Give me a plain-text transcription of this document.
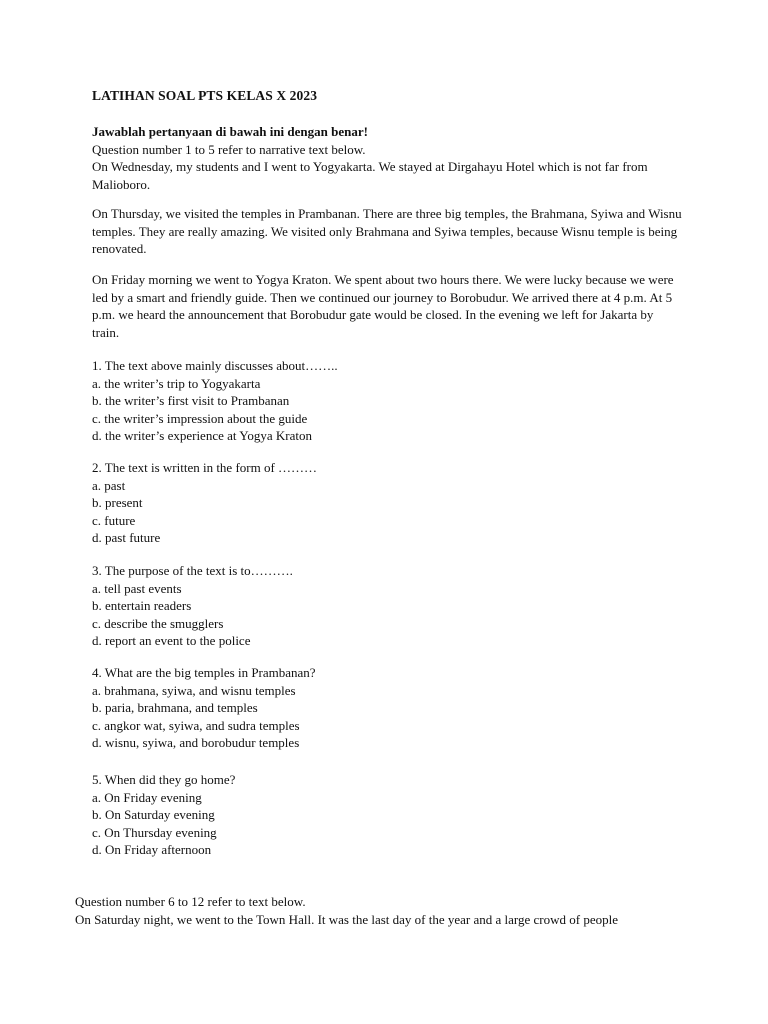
LATIHAN SOAL PTS KELAS X 2023
Jawablah pertanyaan di bawah ini dengan benar!
Question number 1 to 5 refer to narrative text below.

On Wednesday, my students and I went to Yogyakarta. We stayed at Dirgahayu Hotel which is not far from Malioboro.

On Thursday, we visited the temples in Prambanan. There are three big temples, the Brahmana, Syiwa and Wisnu temples. They are really amazing. We visited only Brahmana and Syiwa temples, because Wisnu temple is being renovated.

On Friday morning we went to Yogya Kraton. We spent about two hours there. We were lucky because we were led by a smart and friendly guide. Then we continued our journey to Borobudur. We arrived there at 4 p.m. At 5 p.m. we heard the announcement that Borobudur gate would be closed. In the evening we left for Jakarta by train.

1. The text above mainly discusses about……..
a. the writer’s trip to Yogyakarta
b. the writer’s first visit to Prambanan
c. the writer’s impression about the guide
d. the writer’s experience at Yogya Kraton
2. The text is written in the form of ………
a. past
b. present
c. future
d. past future
3. The purpose of the text is to……….
a. tell past events
b. entertain readers
c. describe the smugglers
d. report an event to the police
4. What are the big temples in Prambanan?
a. brahmana, syiwa, and wisnu temples
b. paria, brahmana, and temples
c. angkor wat, syiwa, and sudra temples
d. wisnu, syiwa, and borobudur temples
5. When did they go home?
a. On Friday evening
b. On Saturday evening
c. On Thursday evening
d. On Friday afternoon
Question number 6 to 12 refer to text below.
On Saturday night, we went to the Town Hall. It was the last day of the year and a large crowd of people
